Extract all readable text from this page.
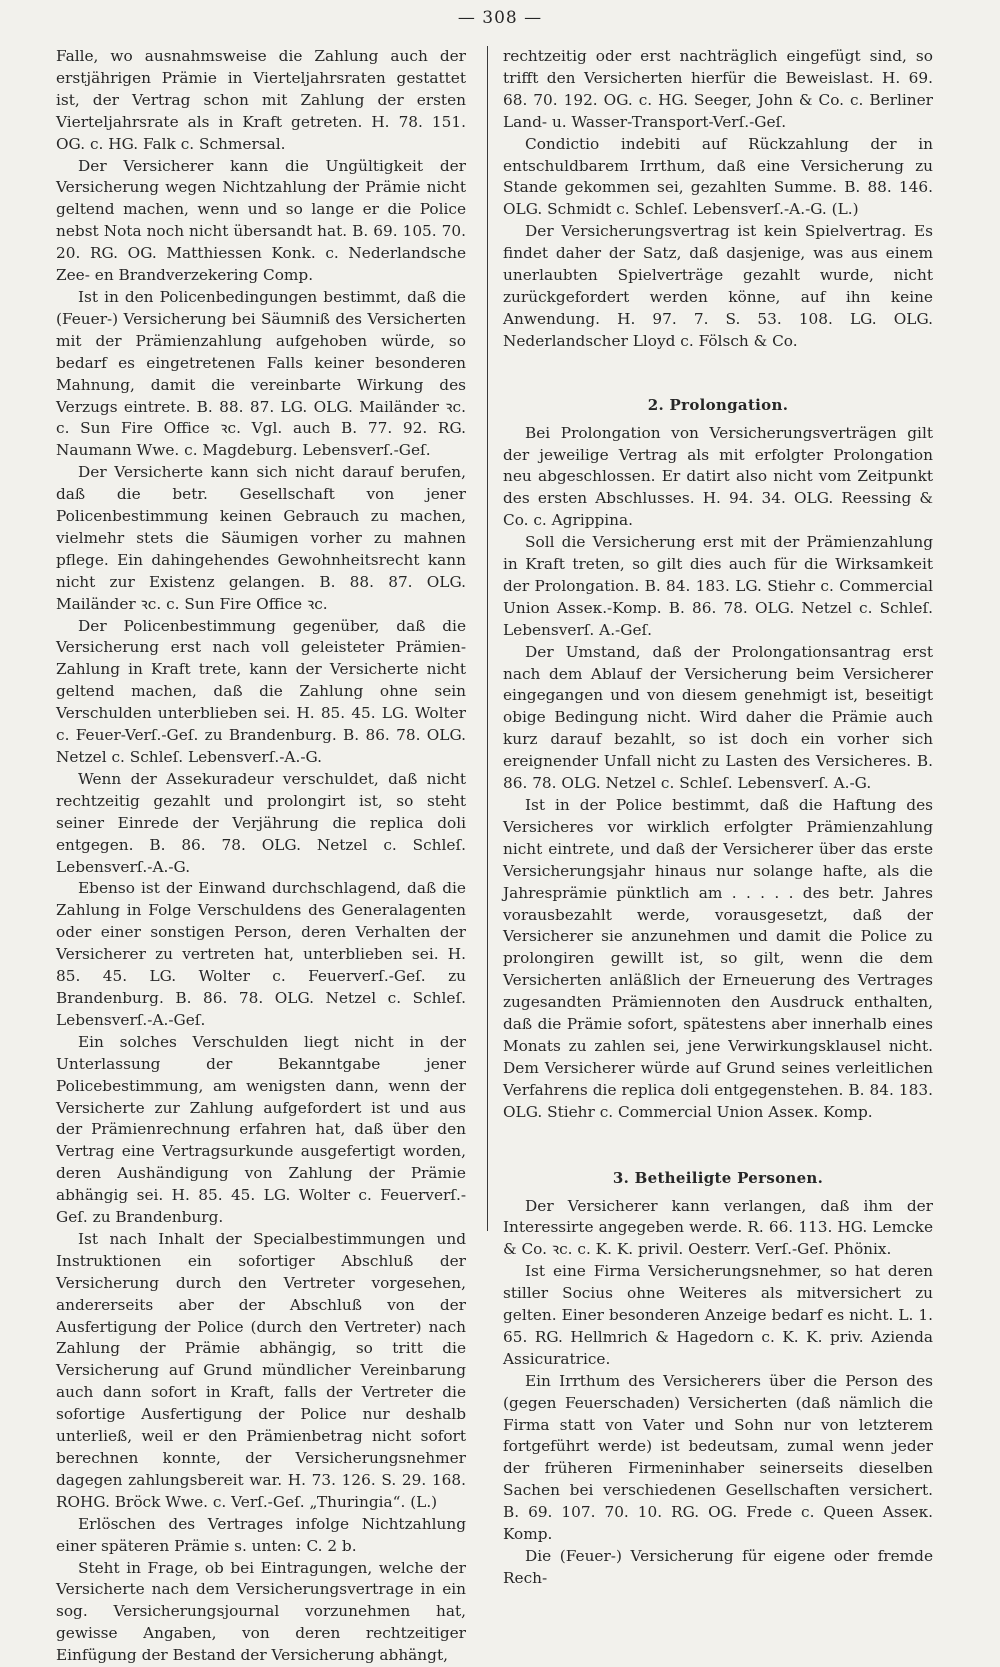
— 308 —

Falle, wo ausnahmsweise die Zahlung auch der erstjährigen Prämie in Vierteljahrsraten gestattet ist, der Vertrag schon mit Zahlung der ersten Vierteljahrsrate als in Kraft getreten. H. 78. 151. OG. c. HG. Falk c. Schmersal.

Der Versicherer kann die Ungültigkeit der Versicherung wegen Nichtzahlung der Prämie nicht geltend machen, wenn und so lange er die Police nebst Nota noch nicht übersandt hat. B. 69. 105. 70. 20. RG. OG. Matthiessen Konk. c. Nederlandsche Zee- en Brandverzekering Comp.

Ist in den Policenbedingungen bestimmt, daß die (Feuer-) Versicherung bei Säumniß des Versicherten mit der Prämienzahlung aufgehoben würde, so bedarf es eingetretenen Falls keiner besonderen Mahnung, damit die vereinbarte Wirkung des Verzugs eintrete. B. 88. 87. LG. OLG. Mailänder ꝛc. c. Sun Fire Office ꝛc. Vgl. auch B. 77. 92. RG. Naumann Wwe. c. Magdeburg. Lebensverſ.-Geſ.

Der Versicherte kann sich nicht darauf berufen, daß die betr. Gesellschaft von jener Policenbestimmung keinen Gebrauch zu machen, vielmehr stets die Säumigen vorher zu mahnen pflege. Ein dahingehendes Gewohnheitsrecht kann nicht zur Existenz gelangen. B. 88. 87. OLG. Mailänder ꝛc. c. Sun Fire Office ꝛc.

Der Policenbestimmung gegenüber, daß die Versicherung erst nach voll geleisteter Prämien-Zahlung in Kraft trete, kann der Versicherte nicht geltend machen, daß die Zahlung ohne sein Verschulden unterblieben sei. H. 85. 45. LG. Wolter c. Feuer-Verſ.-Geſ. zu Brandenburg. B. 86. 78. OLG. Netzel c. Schleſ. Lebensverſ.-A.-G.

Wenn der Assekuradeur verschuldet, daß nicht rechtzeitig gezahlt und prolongirt ist, so steht seiner Einrede der Verjährung die replica doli entgegen. B. 86. 78. OLG. Netzel c. Schleſ. Lebensverſ.-A.-G.

Ebenso ist der Einwand durchschlagend, daß die Zahlung in Folge Verschuldens des Generalagenten oder einer sonstigen Person, deren Verhalten der Versicherer zu vertreten hat, unterblieben sei. H. 85. 45. LG. Wolter c. Feuerverſ.-Geſ. zu Brandenburg. B. 86. 78. OLG. Netzel c. Schleſ. Lebensverſ.-A.-Geſ.

Ein solches Verschulden liegt nicht in der Unterlassung der Bekanntgabe jener Policebestimmung, am wenigsten dann, wenn der Versicherte zur Zahlung aufgefordert ist und aus der Prämienrechnung erfahren hat, daß über den Vertrag eine Vertragsurkunde ausgefertigt worden, deren Aushändigung von Zahlung der Prämie abhängig sei. H. 85. 45. LG. Wolter c. Feuerverſ.-Geſ. zu Brandenburg.

Ist nach Inhalt der Specialbestimmungen und Instruktionen ein sofortiger Abschluß der Versicherung durch den Vertreter vorgesehen, andererseits aber der Abschluß von der Ausfertigung der Police (durch den Vertreter) nach Zahlung der Prämie abhängig, so tritt die Versicherung auf Grund mündlicher Vereinbarung auch dann sofort in Kraft, falls der Vertreter die sofortige Ausfertigung der Police nur deshalb unterließ, weil er den Prämienbetrag nicht sofort berechnen konnte, der Versicherungsnehmer dagegen zahlungsbereit war. H. 73. 126. S. 29. 168. ROHG. Bröck Wwe. c. Verſ.-Geſ. „Thuringia“. (L.)

Erlöschen des Vertrages infolge Nichtzahlung einer späteren Prämie s. unten: C. 2 b.

Steht in Frage, ob bei Eintragungen, welche der Versicherte nach dem Versicherungsvertrage in ein sog. Versicherungsjournal vorzunehmen hat, gewisse Angaben, von deren rechtzeitiger Einfügung der Bestand der Versicherung abhängt,

rechtzeitig oder erst nachträglich eingefügt sind, so trifft den Versicherten hierfür die Beweislast. H. 69. 68. 70. 192. OG. c. HG. Seeger, John & Co. c. Berliner Land- u. Wasser-Transport-Verſ.-Geſ.

Condictio indebiti auf Rückzahlung der in entschuldbarem Irrthum, daß eine Versicherung zu Stande gekommen sei, gezahlten Summe. B. 88. 146. OLG. Schmidt c. Schleſ. Lebensverſ.-A.-G. (L.)

Der Versicherungsvertrag ist kein Spielvertrag. Es findet daher der Satz, daß dasjenige, was aus einem unerlaubten Spielverträge gezahlt wurde, nicht zurückgefordert werden könne, auf ihn keine Anwendung. H. 97. 7. S. 53. 108. LG. OLG. Nederlandscher Lloyd c. Fölsch & Co.

2. Prolongation.

Bei Prolongation von Versicherungsverträgen gilt der jeweilige Vertrag als mit erfolgter Prolongation neu abgeschlossen. Er datirt also nicht vom Zeitpunkt des ersten Abschlusses. H. 94. 34. OLG. Reessing & Co. c. Agrippina.

Soll die Versicherung erst mit der Prämienzahlung in Kraft treten, so gilt dies auch für die Wirksamkeit der Prolongation. B. 84. 183. LG. Stiehr c. Commercial Union Asseк.-Komp. B. 86. 78. OLG. Netzel c. Schleſ. Lebensverſ. A.-Geſ.

Der Umstand, daß der Prolongationsantrag erst nach dem Ablauf der Versicherung beim Versicherer eingegangen und von diesem genehmigt ist, beseitigt obige Bedingung nicht. Wird daher die Prämie auch kurz darauf bezahlt, so ist doch ein vorher sich ereignender Unfall nicht zu Lasten des Versicheres. B. 86. 78. OLG. Netzel c. Schleſ. Lebensverſ. A.-G.

Ist in der Police bestimmt, daß die Haftung des Versicheres vor wirklich erfolgter Prämienzahlung nicht eintrete, und daß der Versicherer über das erste Versicherungsjahr hinaus nur solange hafte, als die Jahresprämie pünktlich am . . . . . des betr. Jahres vorausbezahlt werde, vorausgesetzt, daß der Versicherer sie anzunehmen und damit die Police zu prolongiren gewillt ist, so gilt, wenn die dem Versicherten anläßlich der Erneuerung des Vertrages zugesandten Prämiennoten den Ausdruck enthalten, daß die Prämie sofort, spätestens aber innerhalb eines Monats zu zahlen sei, jene Verwirkungsklausel nicht. Dem Versicherer würde auf Grund seines verleitlichen Verfahrens die replica doli entgegenstehen. B. 84. 183. OLG. Stiehr c. Commercial Union Asseк. Komp.

3. Betheiligte Personen.

Der Versicherer kann verlangen, daß ihm der Interessirte angegeben werde. R. 66. 113. HG. Lemcke & Co. ꝛc. c. K. K. privil. Oesterr. Verſ.-Geſ. Phönix.

Ist eine Firma Versicherungsnehmer, so hat deren stiller Socius ohne Weiteres als mitversichert zu gelten. Einer besonderen Anzeige bedarf es nicht. L. 1. 65. RG. Hellmrich & Hagedorn c. K. K. priv. Azienda Assicuratrice.

Ein Irrthum des Versicherers über die Person des (gegen Feuerschaden) Versicherten (daß nämlich die Firma statt von Vater und Sohn nur von letzterem fortgeführt werde) ist bedeutsam, zumal wenn jeder der früheren Firmeninhaber seinerseits dieselben Sachen bei verschiedenen Gesellschaften versichert. B. 69. 107. 70. 10. RG. OG. Frede c. Queen Asseк. Komp.

Die (Feuer-) Versicherung für eigene oder fremde Rech-
